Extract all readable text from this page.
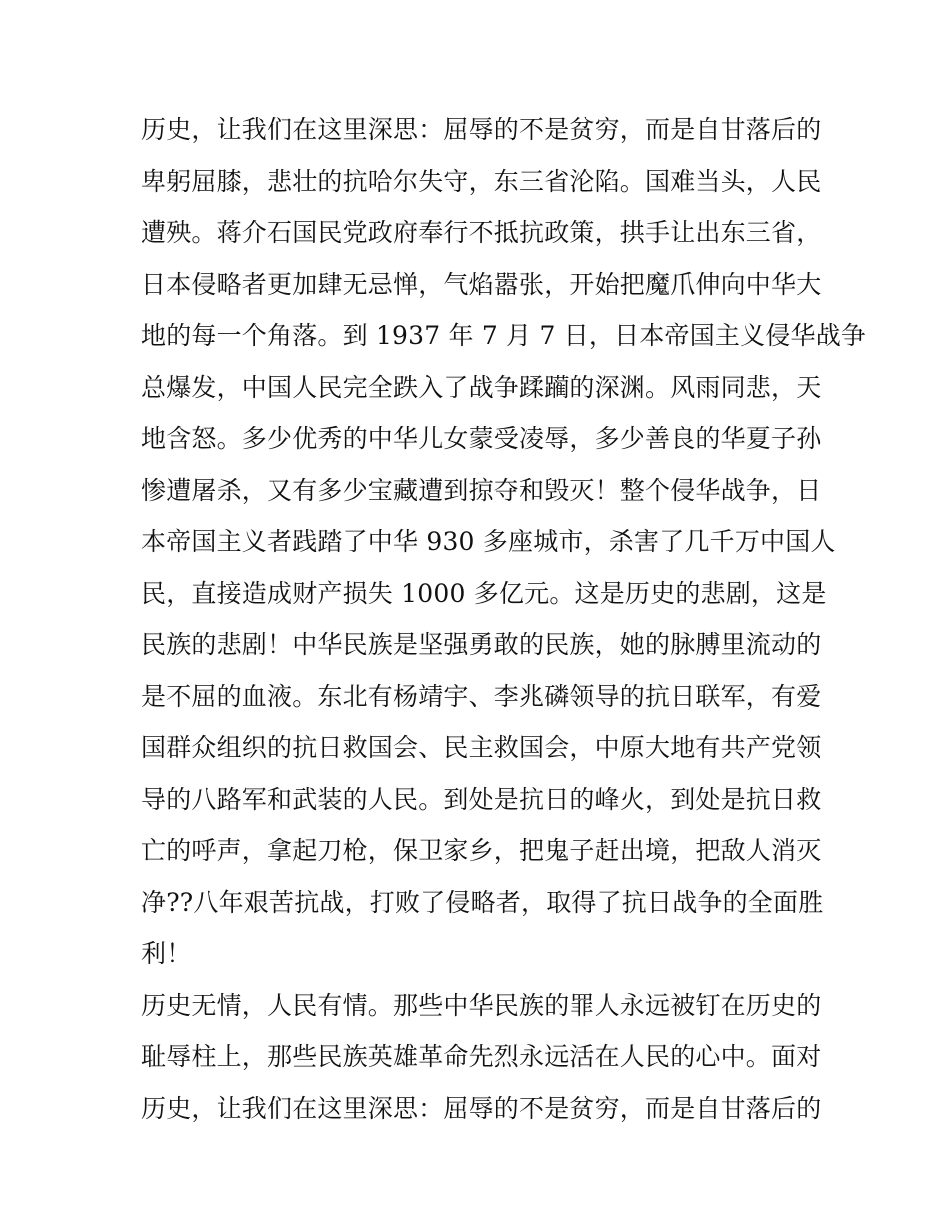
历史，让我们在这里深思：屈辱的不是贫穷，而是自甘落后的
卑躬屈膝，悲壮的抗哈尔失守，东三省沦陷。国难当头，人民
遭殃。蒋介石国民党政府奉行不抵抗政策，拱手让出东三省，
日本侵略者更加肆无忌惮，气焰嚣张，开始把魔爪伸向中华大
地的每一个角落。到 1937 年 7 月 7 日，日本帝国主义侵华战争
总爆发，中国人民完全跌入了战争蹂躏的深渊。风雨同悲，天
地含怒。多少优秀的中华儿女蒙受凌辱，多少善良的华夏子孙
惨遭屠杀，又有多少宝藏遭到掠夺和毁灭！整个侵华战争，日
本帝国主义者践踏了中华 930 多座城市，杀害了几千万中国人
民，直接造成财产损失 1000 多亿元。这是历史的悲剧，这是
民族的悲剧！中华民族是坚强勇敢的民族，她的脉膊里流动的
是不屈的血液。东北有杨靖宇、李兆磷领导的抗日联军，有爱
国群众组织的抗日救国会、民主救国会，中原大地有共产党领
导的八路军和武装的人民。到处是抗日的峰火，到处是抗日救
亡的呼声，拿起刀枪，保卫家乡，把鬼子赶出境，把敌人消灭
净??八年艰苦抗战，打败了侵略者，取得了抗日战争的全面胜
利！
历史无情，人民有情。那些中华民族的罪人永远被钉在历史的
耻辱柱上，那些民族英雄革命先烈永远活在人民的心中。面对
历史，让我们在这里深思：屈辱的不是贫穷，而是自甘落后的
